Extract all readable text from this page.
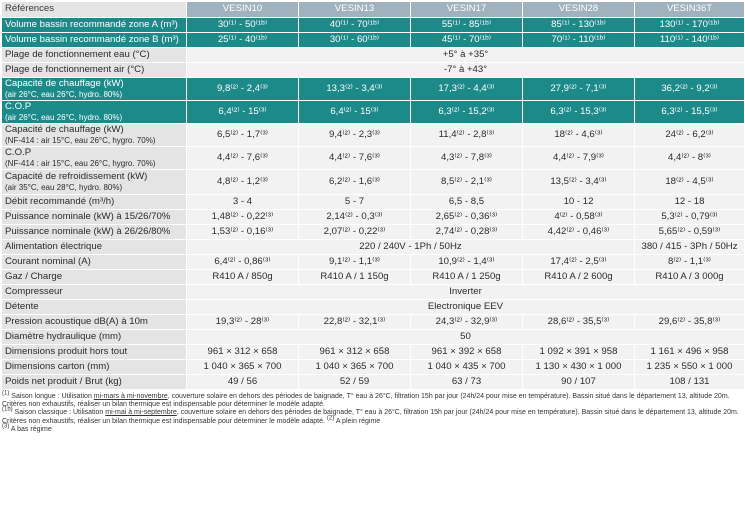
Références	VESIN10	VESIN13	VESIN17	VESIN28	VESIN36T
Volume bassin recommandé zone A (m³)	30⁽¹⁾ - 50⁽¹ᵇ⁾	40⁽¹⁾ - 70⁽¹ᵇ⁾	55⁽¹⁾ - 85⁽¹ᵇ⁾	85⁽¹⁾ - 130⁽¹ᵇ⁾	130⁽¹⁾ - 170⁽¹ᵇ⁾
Volume bassin recommandé zone B (m³)	25⁽¹⁾ - 40⁽¹ᵇ⁾	30⁽¹⁾ - 60⁽¹ᵇ⁾	45⁽¹⁾ - 70⁽¹ᵇ⁾	70⁽¹⁾ - 110⁽¹ᵇ⁾	110⁽¹⁾ - 140⁽¹ᵇ⁾
Plage de fonctionnement eau (°C)	+5° à +35°				
Plage de fonctionnement air (°C)	-7° à +43°				
Capacité de chauffage (kW)
(air 26°C, eau 26°C, hydro. 80%)	9,8⁽²⁾ - 2,4⁽³⁾	13,3⁽²⁾ - 3,4⁽³⁾	17,3⁽²⁾ - 4,4⁽³⁾	27,9⁽²⁾ - 7,1⁽³⁾	36,2⁽²⁾ - 9,2⁽³⁾
C.O.P
(air 26°C, eau 26°C, hydro. 80%)	6,4⁽²⁾ - 15⁽³⁾	6,4⁽²⁾ - 15⁽³⁾	6,3⁽²⁾ - 15,2⁽³⁾	6,3⁽²⁾ - 15,3⁽³⁾	6,3⁽²⁾ - 15,5⁽³⁾
Capacité de chauffage (kW)
(NF-414 : air 15°C, eau 26°C, hygro. 70%)	6,5⁽²⁾ - 1,7⁽³⁾	9,4⁽²⁾ - 2,3⁽³⁾	11,4⁽²⁾ - 2,8⁽³⁾	18⁽²⁾ - 4,6⁽³⁾	24⁽²⁾ - 6,2⁽³⁾
C.O.P
(NF-414 : air 15°C, eau 26°C, hygro. 70%)	4,4⁽²⁾ - 7,6⁽³⁾	4,4⁽²⁾ - 7,6⁽³⁾	4,3⁽²⁾ - 7,8⁽³⁾	4,4⁽²⁾ - 7,9⁽³⁾	4,4⁽²⁾ - 8⁽³⁾
Capacité de refroidissement (kW)
(air 35°C, eau 28°C, hydro. 80%)	4,8⁽²⁾ - 1,2⁽³⁾	6,2⁽²⁾ - 1,6⁽³⁾	8,5⁽²⁾ - 2,1⁽³⁾	13,5⁽²⁾ - 3,4⁽³⁾	18⁽²⁾ - 4,5⁽³⁾
Débit recommandé (m³/h)	3 - 4	5 - 7	6,5 - 8,5	10 - 12	12 - 18
Puissance nominale (kW) à 15/26/70%	1,48⁽²⁾ - 0,22⁽³⁾	2,14⁽²⁾ - 0,3⁽³⁾	2,65⁽²⁾ - 0,36⁽³⁾	4⁽²⁾ - 0,58⁽³⁾	5,3⁽²⁾ - 0,79⁽³⁾
Puissance nominale (kW) à 26/26/80%	1,53⁽²⁾ - 0,16⁽³⁾	2,07⁽²⁾ - 0,22⁽³⁾	2,74⁽²⁾ - 0,28⁽³⁾	4,42⁽²⁾ - 0,46⁽³⁾	5,65⁽²⁾ - 0,59⁽³⁾
Alimentation électrique	220 / 240V - 1Ph / 50Hz				380 / 415 - 3Ph / 50Hz
Courant nominal (A)	6,4⁽²⁾ - 0,86⁽³⁾	9,1⁽²⁾ - 1,1⁽³⁾	10,9⁽²⁾ - 1,4⁽³⁾	17,4⁽²⁾ - 2,5⁽³⁾	8⁽²⁾ - 1,1⁽³⁾
Gaz / Charge	R410 A / 850g	R410 A / 1 150g	R410 A / 1 250g	R410 A / 2 600g	R410 A / 3 000g
Compresseur	Inverter				
Détente	Electronique EEV				
Pression acoustique dB(A) à 10m	19,3⁽²⁾ - 28⁽³⁾	22,8⁽²⁾ - 32,1⁽³⁾	24,3⁽²⁾ - 32,9⁽³⁾	28,6⁽²⁾ - 35,5⁽³⁾	29,6⁽²⁾ - 35,8⁽³⁾
Diamètre hydraulique (mm)	50				
Dimensions produit hors tout	961 × 312 × 658	961 × 312 × 658	961 × 392 × 658	1 092 × 391 × 958	1 161 × 496 × 958
Dimensions carton (mm)	1 040 × 365 × 700	1 040 × 365 × 700	1 040 × 435 × 700	1 130 × 430 × 1 000	1 235 × 550 × 1 000
Poids net produit / Brut (kg)	49 / 56	52 / 59	63 / 73	90 / 107	108 / 131

$^{(1)}$ Saison longue : Utilisation mi-mars à mi-novembre, couverture solaire en dehors des périodes de baignade, T° eau à 26°C, filtration 15h par jour (24h/24 pour mise en température). Bassin situé dans le département 13, altitude 20m. Critères non exhaustifs, réaliser un bilan thermique est indispensable pour déterminer le modèle adapté.

$^{(1b)}$ Saison classique : Utilisation mi-mai à mi-septembre, couverture solaire en dehors des périodes de baignade, T° eau à 26°C, filtration 15h par jour (24h/24 pour mise en température). Bassin situé dans le département 13, altitude 20m. Critères non exhaustifs, réaliser un bilan thermique est indispensable pour déterminer le modèle adapté. $^{(2)}$ A plein régime

$^{(3)}$ A bas régime
